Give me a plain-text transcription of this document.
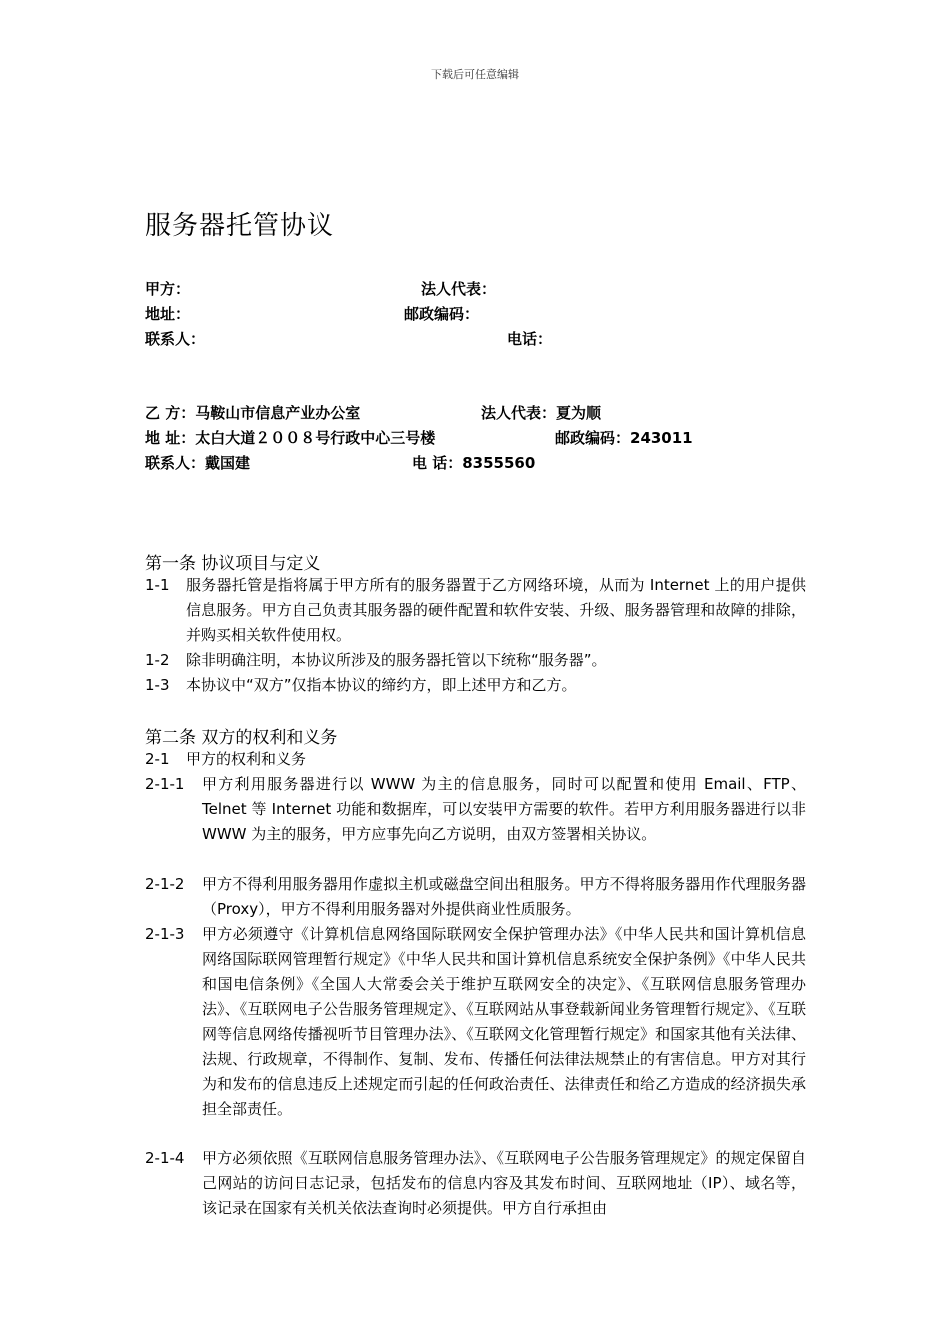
下载后可任意编辑
服务器托管协议
甲方：	法人代表：
地址：	邮政编码：
联系人：	电话：
乙 方：马鞍山市信息产业办公室	法人代表：夏为顺
地 址：太白大道２００８号行政中心三号楼	邮政编码：243011
联系人：戴国建	电 话：8355560
第一条 协议项目与定义
1-1 服务器托管是指将属于甲方所有的服务器置于乙方网络环境，从而为 Internet 上的用户提供信息服务。甲方自己负责其服务器的硬件配置和软件安装、升级、服务器管理和故障的排除，并购买相关软件使用权。
1-2 除非明确注明，本协议所涉及的服务器托管以下统称“服务器”。
1-3 本协议中“双方”仅指本协议的缔约方，即上述甲方和乙方。
第二条 双方的权利和义务
2-1 甲方的权利和义务
2-1-1 甲方利用服务器进行以 WWW 为主的信息服务，同时可以配置和使用 Email、FTP、Telnet 等 Internet 功能和数据库，可以安装甲方需要的软件。若甲方利用服务器进行以非 WWW 为主的服务，甲方应事先向乙方说明，由双方签署相关协议。
2-1-2 甲方不得利用服务器用作虚拟主机或磁盘空间出租服务。甲方不得将服务器用作代理服务器（Proxy），甲方不得利用服务器对外提供商业性质服务。
2-1-3 甲方必须遵守《计算机信息网络国际联网安全保护管理办法》《中华人民共和国计算机信息网络国际联网管理暂行规定》《中华人民共和国计算机信息系统安全保护条例》《中华人民共和国电信条例》《全国人大常委会关于维护互联网安全的决定》、《互联网信息服务管理办法》、《互联网电子公告服务管理规定》、《互联网站从事登载新闻业务管理暂行规定》、《互联网等信息网络传播视听节目管理办法》、《互联网文化管理暂行规定》和国家其他有关法律、法规、行政规章，不得制作、复制、发布、传播任何法律法规禁止的有害信息。甲方对其行为和发布的信息违反上述规定而引起的任何政治责任、法律责任和给乙方造成的经济损失承担全部责任。
2-1-4 甲方必须依照《互联网信息服务管理办法》、《互联网电子公告服务管理规定》的规定保留自己网站的访问日志记录，包括发布的信息内容及其发布时间、互联网地址（IP）、域名等，该记录在国家有关机关依法查询时必须提供。甲方自行承担由
